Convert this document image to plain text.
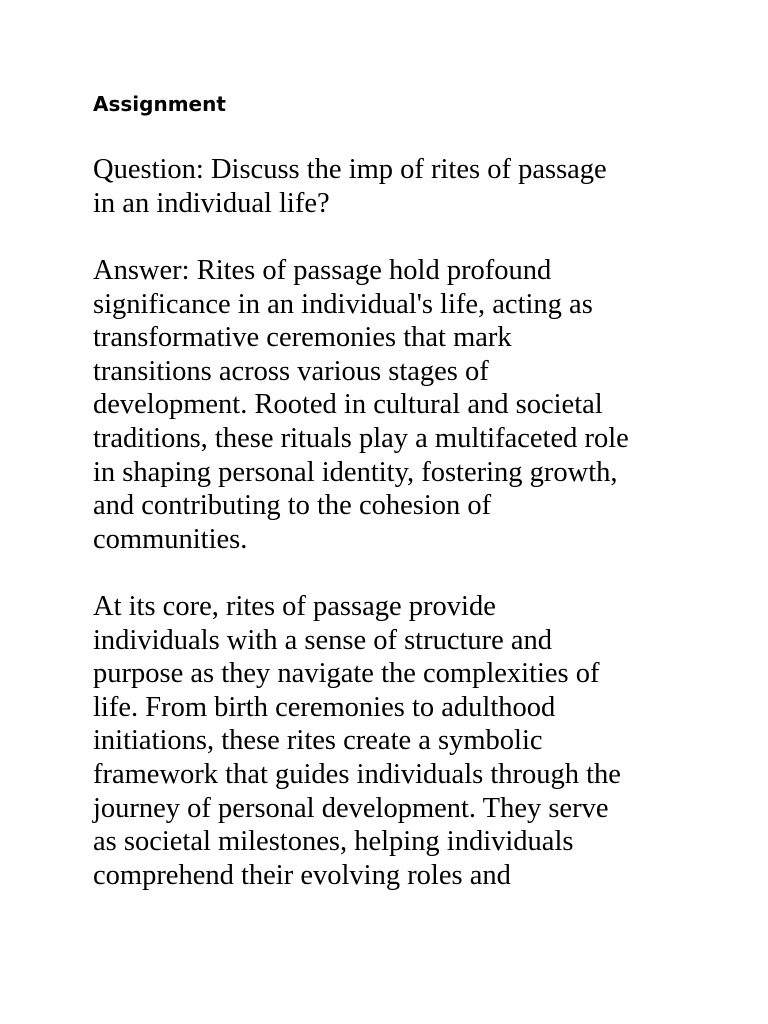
Assignment

Question: Discuss the imp of rites of passage
in an individual life?

Answer: Rites of passage hold profound
significance in an individual's life, acting as
transformative ceremonies that mark
transitions across various stages of
development. Rooted in cultural and societal
traditions, these rituals play a multifaceted role
in shaping personal identity, fostering growth,
and contributing to the cohesion of
communities.

At its core, rites of passage provide
individuals with a sense of structure and
purpose as they navigate the complexities of
life. From birth ceremonies to adulthood
initiations, these rites create a symbolic
framework that guides individuals through the
journey of personal development. They serve
as societal milestones, helping individuals
comprehend their evolving roles and
